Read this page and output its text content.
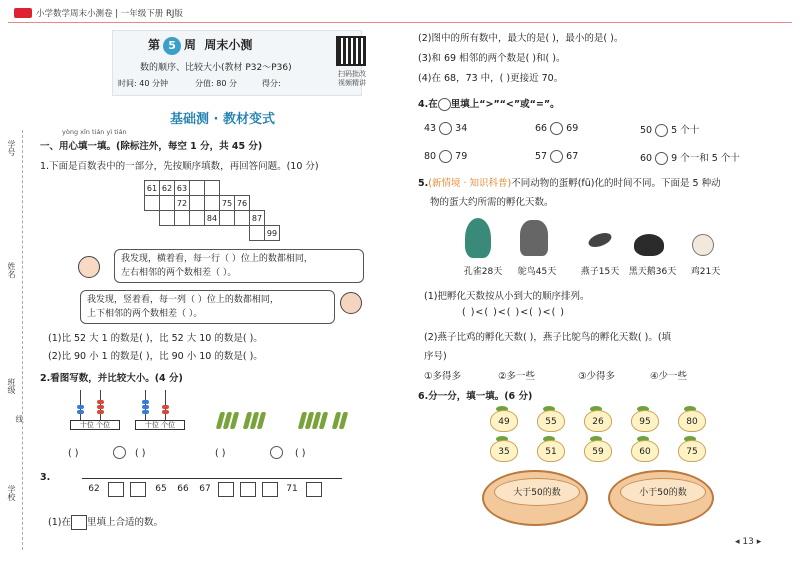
小学数学周末小测卷 | 一年级下册 RJ版
学号
姓名
班级
学校
线
第 5 周 周末小测
数的顺序、比较大小(教材 P32～P36)
时间: 40 分钟	分值: 80 分	得分:
扫码批改
视频精讲
基础测 · 教材变式
yòng xīn tián yì tián
一、用心填一填。(除标注外，每空 1 分，共 45 分)
1.下面是百数表中的一部分，先按顺序填数，再回答问题。(10 分)
61	62	63						
		72			75	76		
				84			87	
								99
我发现，横着看，每一行（ ）位上的数都相同，
左右相邻的两个数相差（ ）。
我发现，竖着看，每一列（ ）位上的数都相同，
上下相邻的两个数相差（ ）。
(1)比 52 大 1 的数是( )，比 52 大 10 的数是( )。
(2)比 90 小 1 的数是( )，比 90 小 10 的数是( )。
2.看图写数，并比较大小。(4 分)
十位 个位	十位 个位
( )	( )	( )	( )
3.
62	65	66	67	71
(1)在 里填上合适的数。
(2)图中的所有数中，最大的是( )，最小的是( )。
(3)和 69 相邻的两个数是( )和( )。
(4)在 68，73 中，( )更接近 70。
4.在 里填上“>”“<”或“=”。
43 34	66 69	50 5 个十
80 79	57 67	60 9 个一和 5 个十
5.(新情境 · 知识科普)不同动物的蛋孵(fū)化的时间不同。下面是 5 种动
物的蛋大约所需的孵化天数。
孔雀28天	鸵鸟45天	燕子15天	黑天鹅36天	鸡21天
(1)把孵化天数按从小到大的顺序排列。
( )<( )<( )<( )<( )
(2)燕子比鸡的孵化天数( )，燕子比鸵鸟的孵化天数( )。(填
序号)
①多得多	②多一些	③少得多	④少一些
6.分一分，填一填。(6 分)
49	55	26	95	80
35	51	59	60	75
大于50的数	小于50的数
◂ 13 ▸
